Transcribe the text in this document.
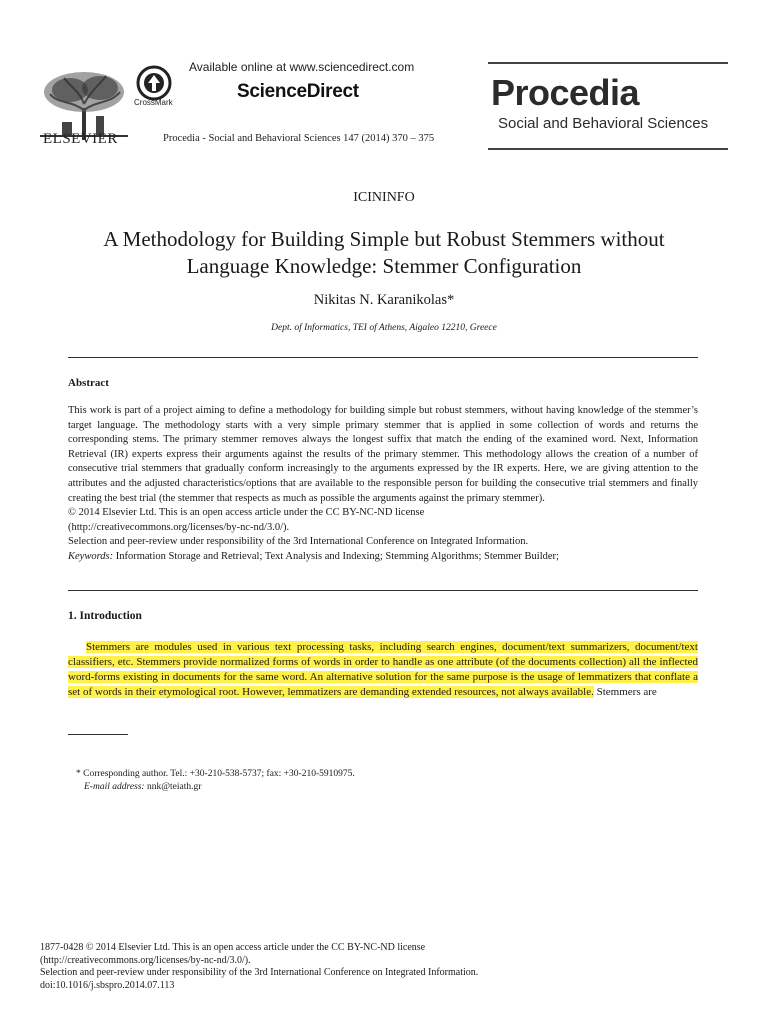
ELSEVIER
CrossMark
Available online at www.sciencedirect.com
ScienceDirect
Procedia - Social and Behavioral Sciences 147 (2014) 370 – 375
Procedia
Social and Behavioral Sciences
ICININFO
A Methodology for Building Simple but Robust Stemmers without
Language Knowledge: Stemmer Configuration
Nikitas N. Karanikolas*
Dept. of Informatics, TEI of Athens, Aigaleo 12210, Greece
Abstract

This work is part of a project aiming to define a methodology for building simple but robust stemmers, without having knowledge of the stemmer’s target language. The methodology starts with a very simple primary stemmer that is applied in some collection of words and returns the corresponding stems. The primary stemmer removes always the longest suffix that match the ending of the examined word. Next, Information Retrieval (IR) experts express their arguments against the results of the primary stemmer. This methodology allows the creation of a number of consecutive trial stemmers that gradually conform increasingly to the arguments expressed by the IR experts. Here, we are giving attention to the attributes and the adjusted characteristics/options that are available to the responsible person for building the consecutive trial stemmers and finally creating the best trial (the stemmer that respects as much as possible the arguments against the primary stemmer).

© 2014 Elsevier Ltd. This is an open access article under the CC BY-NC-ND license

(http://creativecommons.org/licenses/by-nc-nd/3.0/).

Selection and peer-review under responsibility of the 3rd International Conference on Integrated Information.

Keywords: Information Storage and Retrieval; Text Analysis and Indexing; Stemming Algorithms; Stemmer Builder;

1. Introduction
Stemmers are modules used in various text processing tasks, including search engines, document/text summarizers, document/text classifiers, etc. Stemmers provide normalized forms of words in order to handle as one attribute (of the documents collection) all the inflected word-forms existing in documents for the same word. An alternative solution for the same purpose is the usage of lemmatizers that conflate a set of words in their etymological root. However, lemmatizers are demanding extended resources, not always available. Stemmers are
* Corresponding author. Tel.: +30-210-538-5737; fax: +30-210-5910975.
E-mail address: nnk@teiath.gr
1877-0428 © 2014 Elsevier Ltd. This is an open access article under the CC BY-NC-ND license
(http://creativecommons.org/licenses/by-nc-nd/3.0/).
Selection and peer-review under responsibility of the 3rd International Conference on Integrated Information.
doi:10.1016/j.sbspro.2014.07.113
